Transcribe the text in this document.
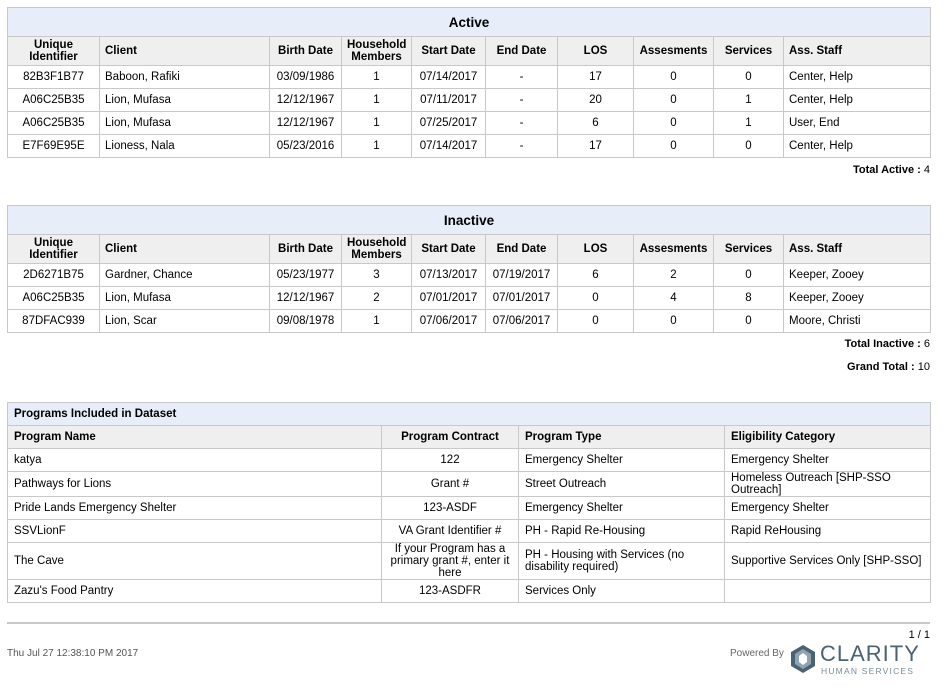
Active									
Unique Identifier	Client	Birth Date	Household Members	Start Date	End Date	LOS	Assesments	Services	Ass. Staff
82B3F1B77	Baboon, Rafiki	03/09/1986	1	07/14/2017	-	17	0	0	Center, Help
A06C25B35	Lion, Mufasa	12/12/1967	1	07/11/2017	-	20	0	1	Center, Help
A06C25B35	Lion, Mufasa	12/12/1967	1	07/25/2017	-	6	0	1	User, End
E7F69E95E	Lioness, Nala	05/23/2016	1	07/14/2017	-	17	0	0	Center, Help
Total Active : 4
Inactive									
Unique Identifier	Client	Birth Date	Household Members	Start Date	End Date	LOS	Assesments	Services	Ass. Staff
2D6271B75	Gardner, Chance	05/23/1977	3	07/13/2017	07/19/2017	6	2	0	Keeper, Zooey
A06C25B35	Lion, Mufasa	12/12/1967	2	07/01/2017	07/01/2017	0	4	8	Keeper, Zooey
87DFAC939	Lion, Scar	09/08/1978	1	07/06/2017	07/06/2017	0	0	0	Moore, Christi
Total Inactive : 6
Grand Total : 10
Programs Included in Dataset			
Program Name	Program Contract	Program Type	Eligibility Category
katya	122	Emergency Shelter	Emergency Shelter
Pathways for Lions	Grant #	Street Outreach	Homeless Outreach [SHP-SSO Outreach]
Pride Lands Emergency Shelter	123-ASDF	Emergency Shelter	Emergency Shelter
SSVLionF	VA Grant Identifier #	PH - Rapid Re-Housing	Rapid ReHousing
The Cave	If your Program has a primary grant #, enter it here	PH - Housing with Services (no disability required)	Supportive Services Only [SHP-SSO]
Zazu's Food Pantry	123-ASDFR	Services Only	
1 / 1
Thu Jul 27 12:38:10 PM 2017	Powered By CLARITY
HUMAN SERVICES
